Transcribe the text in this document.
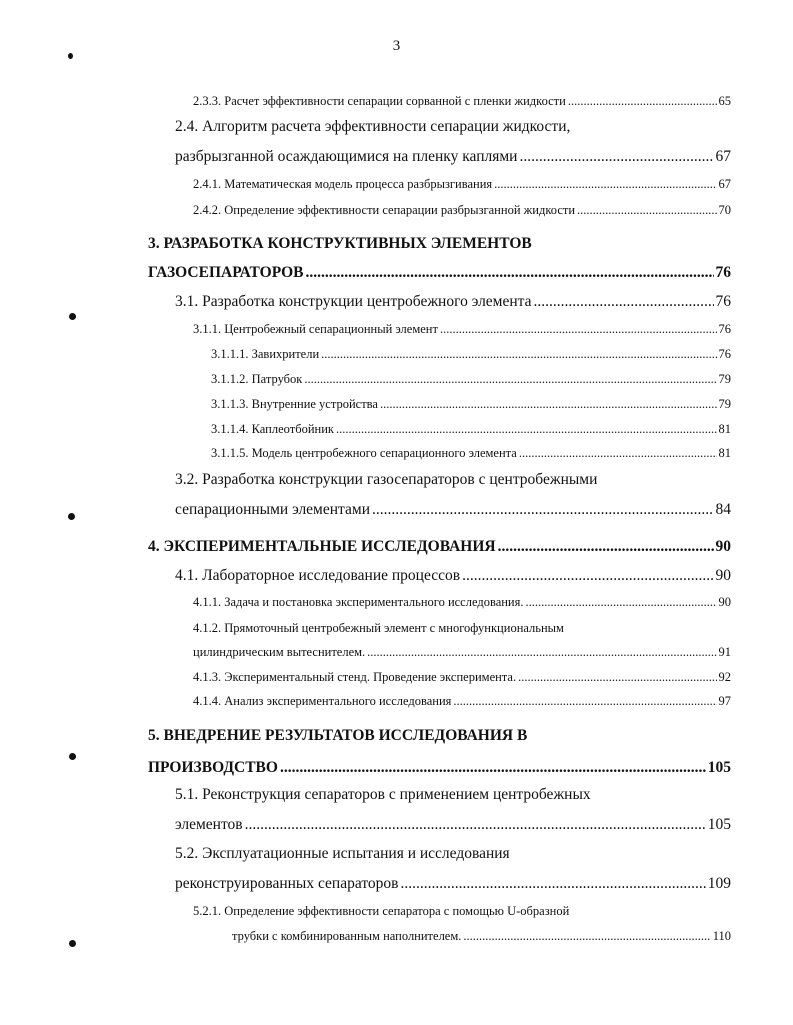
3
2.3.3. Расчет эффективности сепарации сорванной с пленки жидкости .....	65
2.4. Алгоритм расчета эффективности сепарации жидкости,
разбрызганной осаждающимися на пленку каплями .....	67
2.4.1. Математическая модель процесса разбрызгивания .....	67
2.4.2. Определение эффективности сепарации разбрызганной жидкости .....	70
3. РАЗРАБОТКА КОНСТРУКТИВНЫХ ЭЛЕМЕНТОВ
ГАЗОСЕПАРАТОРОВ .....	76
3.1. Разработка конструкции центробежного элемента .....	76
3.1.1. Центробежный сепарационный элемент .....	76
3.1.1.1. Завихрители .....	76
3.1.1.2. Патрубок .....	79
3.1.1.3. Внутренние устройства .....	79
3.1.1.4. Каплеотбойник .....	81
3.1.1.5. Модель центробежного сепарационного элемента .....	81
3.2. Разработка конструкции газосепараторов с центробежными
сепарационными элементами .....	84
4. ЭКСПЕРИМЕНТАЛЬНЫЕ ИССЛЕДОВАНИЯ .....	90
4.1. Лабораторное исследование процессов .....	90
4.1.1. Задача и постановка экспериментального исследования. .....	90
4.1.2. Прямоточный центробежный элемент с многофункциональным
цилиндрическим вытеснителем. .....	91
4.1.3. Экспериментальный стенд. Проведение эксперимента. .....	92
4.1.4. Анализ экспериментального исследования .....	97
5. ВНЕДРЕНИЕ РЕЗУЛЬТАТОВ ИССЛЕДОВАНИЯ В
ПРОИЗВОДСТВО .....	105
5.1. Реконструкция сепараторов с применением центробежных
элементов .....	105
5.2. Эксплуатационные испытания и исследования
реконструированных сепараторов .....	109
5.2.1. Определение эффективности сепаратора с помощью U-образной
трубки с комбинированным наполнителем. .....	110
